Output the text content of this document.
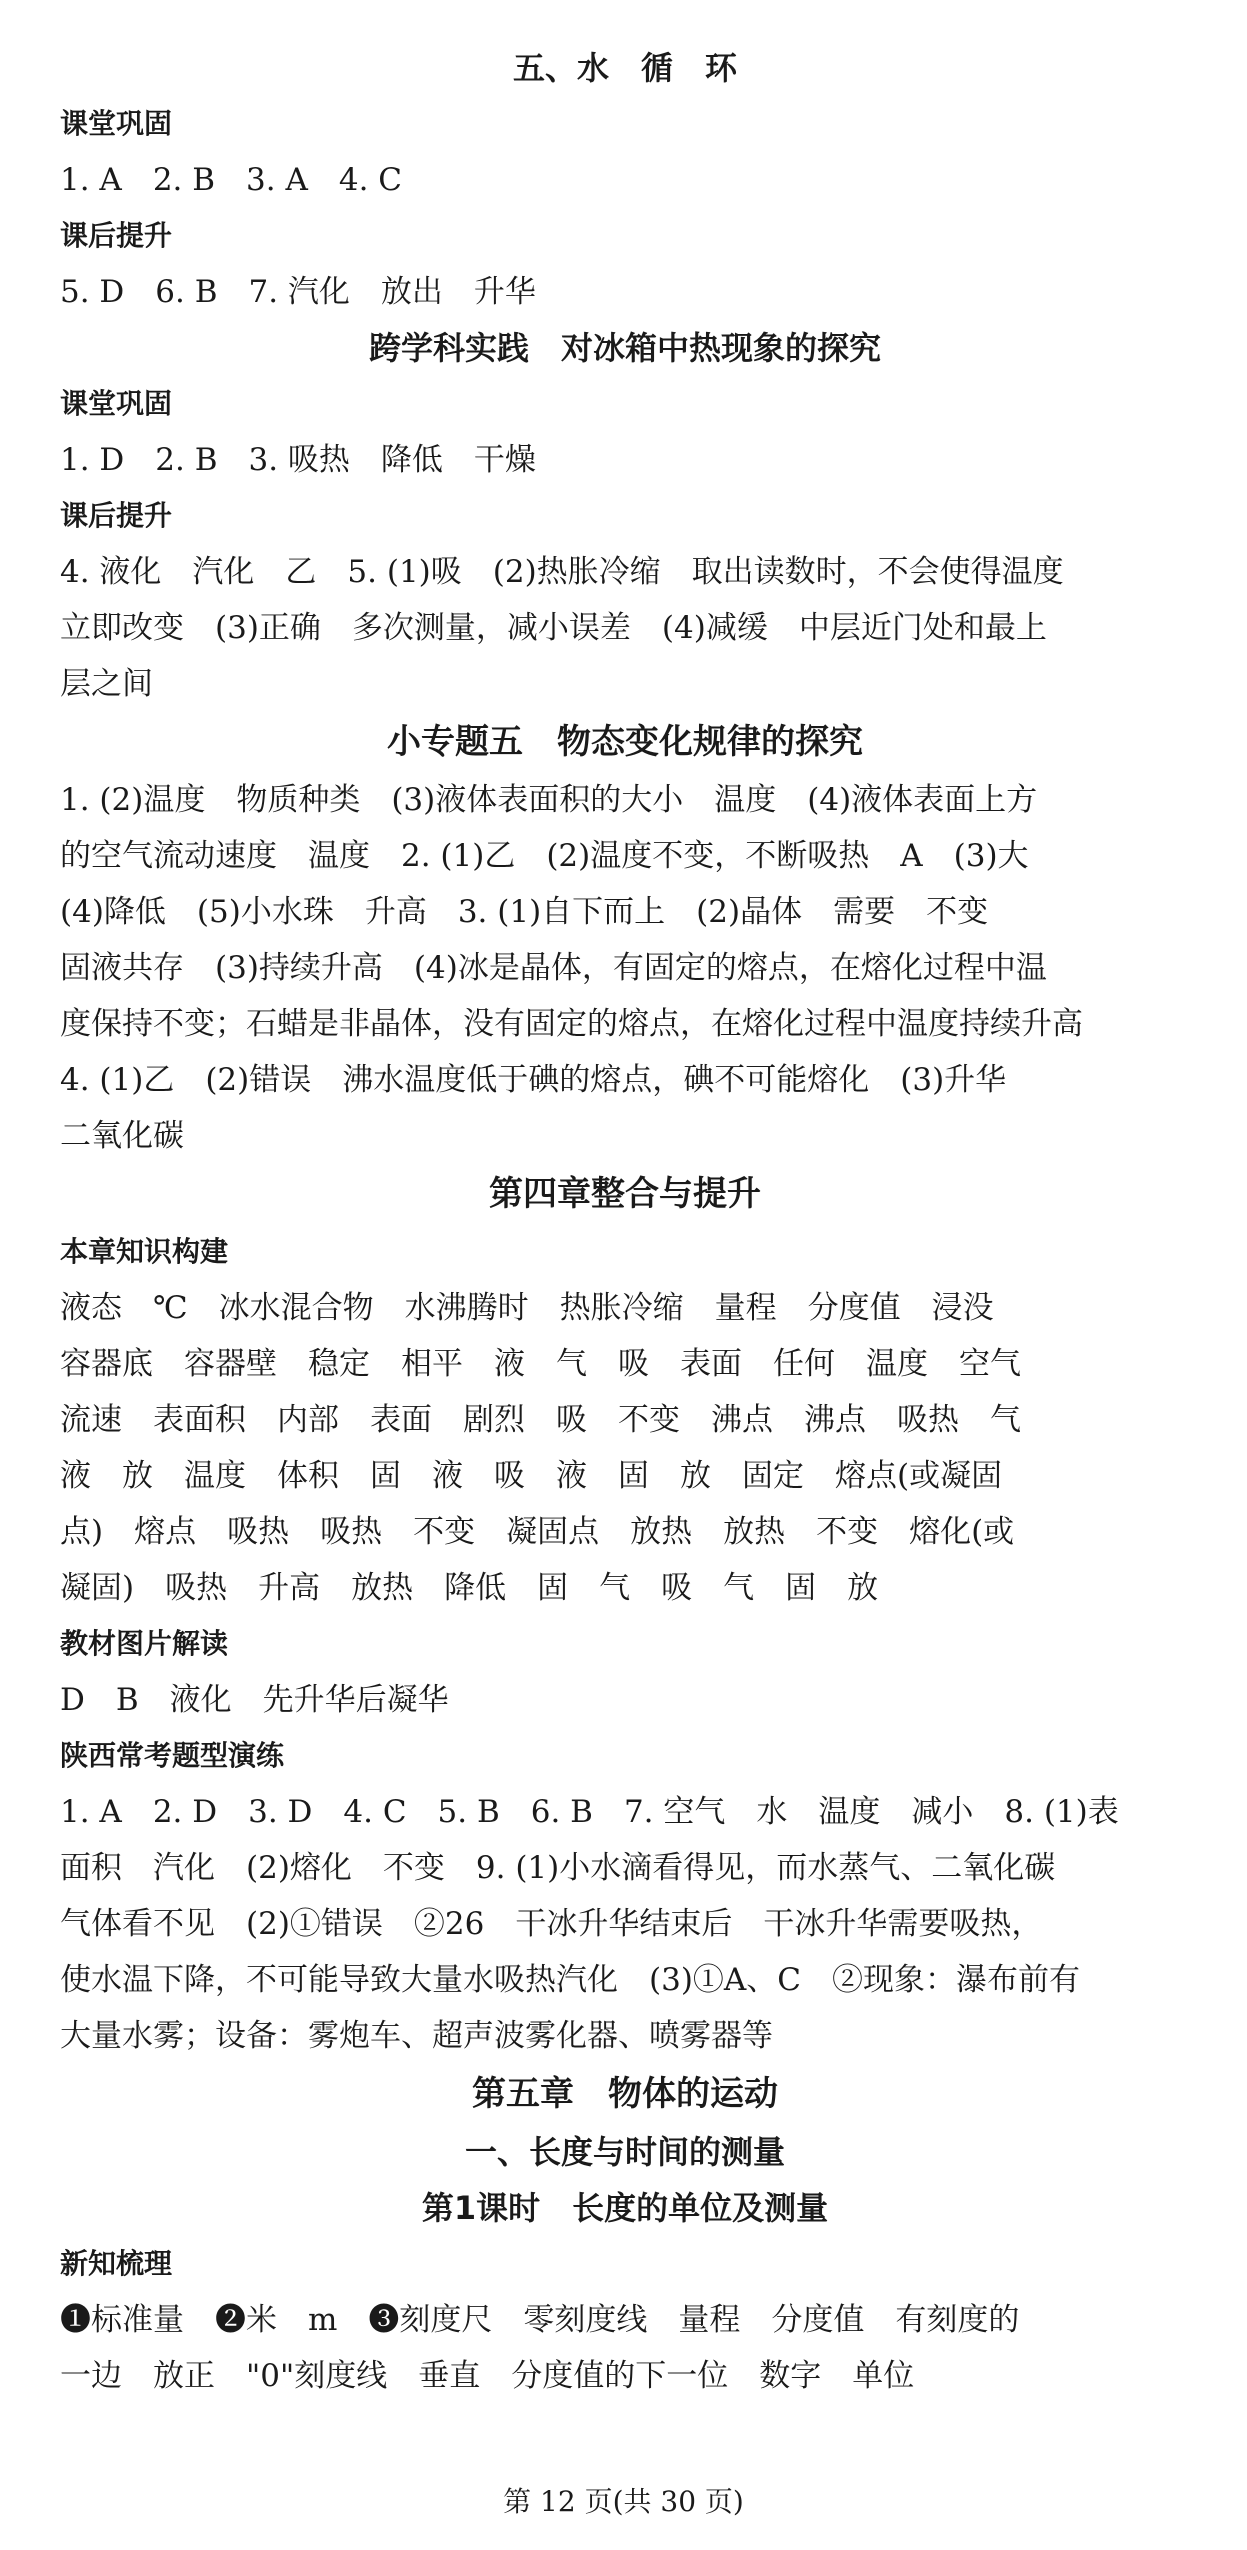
五、水　循　环
课堂巩固
1. A　2. B　3. A　4. C
课后提升
5. D　6. B　7. 汽化　放出　升华
跨学科实践　对冰箱中热现象的探究
课堂巩固
1. D　2. B　3. 吸热　降低　干燥
课后提升
4. 液化　汽化　乙　5. (1)吸　(2)热胀冷缩　取出读数时，不会使得温度
立即改变　(3)正确　多次测量，减小误差　(4)减缓　中层近门处和最上
层之间
小专题五　物态变化规律的探究
1. (2)温度　物质种类　(3)液体表面积的大小　温度　(4)液体表面上方
的空气流动速度　温度　2. (1)乙　(2)温度不变，不断吸热　A　(3)大
(4)降低　(5)小水珠　升高　3. (1)自下而上　(2)晶体　需要　不变
固液共存　(3)持续升高　(4)冰是晶体，有固定的熔点，在熔化过程中温
度保持不变；石蜡是非晶体，没有固定的熔点，在熔化过程中温度持续升高
4. (1)乙　(2)错误　沸水温度低于碘的熔点，碘不可能熔化　(3)升华
二氧化碳
第四章整合与提升
本章知识构建
液态　℃　冰水混合物　水沸腾时　热胀冷缩　量程　分度值　浸没
容器底　容器壁　稳定　相平　液　气　吸　表面　任何　温度　空气
流速　表面积　内部　表面　剧烈　吸　不变　沸点　沸点　吸热　气
液　放　温度　体积　固　液　吸　液　固　放　固定　熔点(或凝固
点)　熔点　吸热　吸热　不变　凝固点　放热　放热　不变　熔化(或
凝固)　吸热　升高　放热　降低　固　气　吸　气　固　放
教材图片解读
D　B　液化　先升华后凝华
陕西常考题型演练
1. A　2. D　3. D　4. C　5. B　6. B　7. 空气　水　温度　减小　8. (1)表
面积　汽化　(2)熔化　不变　9. (1)小水滴看得见，而水蒸气、二氧化碳
气体看不见　(2)①错误　②26　干冰升华结束后　干冰升华需要吸热，
使水温下降，不可能导致大量水吸热汽化　(3)①A、C　②现象：瀑布前有
大量水雾；设备：雾炮车、超声波雾化器、喷雾器等
第五章　物体的运动
一、长度与时间的测量
第1课时　长度的单位及测量
新知梳理
❶标准量　❷米　m　❸刻度尺　零刻度线　量程　分度值　有刻度的
一边　放正　"0"刻度线　垂直　分度值的下一位　数字　单位
第 12 页(共 30 页)
